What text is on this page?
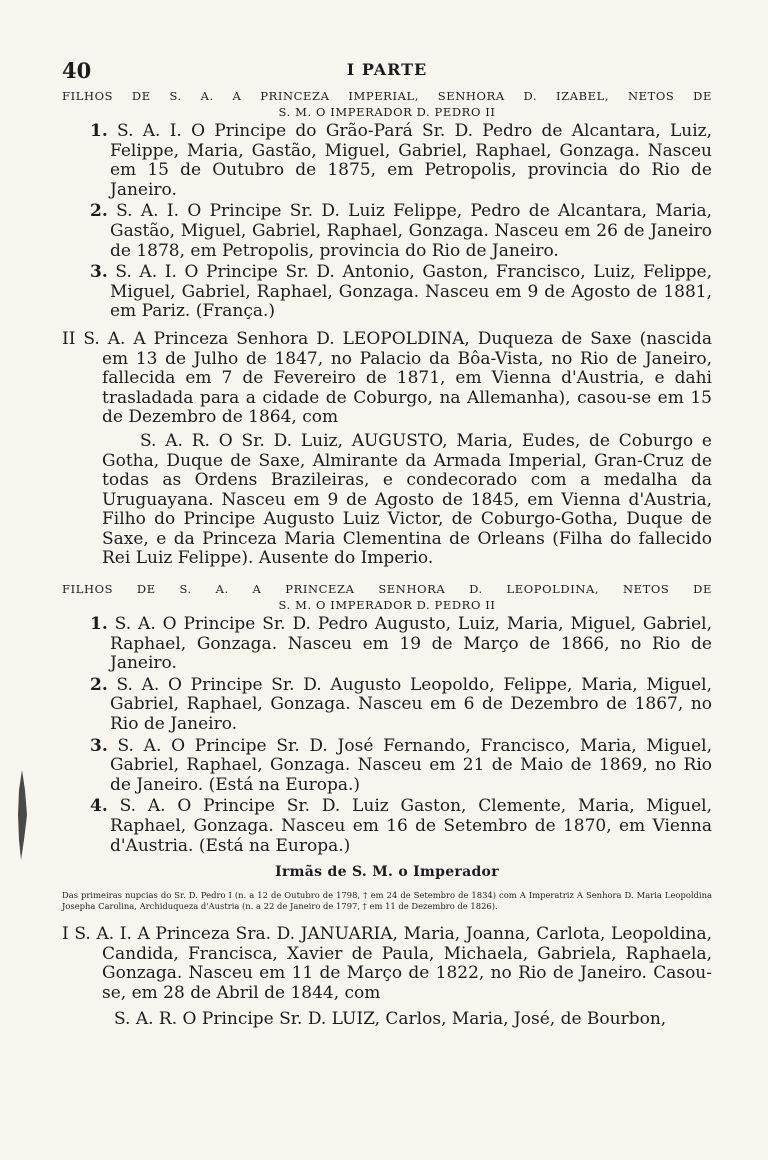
40	I PARTE
FILHOS DE S. A. A PRINCEZA IMPERIAL, SENHORA D. IZABEL, NETOS DE
S. M. O IMPERADOR D. PEDRO II
1. S. A. I. O Principe do Grão-Pará Sr. D. Pedro de Alcantara, Luiz, Felippe, Maria, Gastão, Miguel, Gabriel, Raphael, Gonzaga. Nasceu em 15 de Outubro de 1875, em Petropolis, provincia do Rio de Janeiro.
2. S. A. I. O Principe Sr. D. Luiz Felippe, Pedro de Alcantara, Maria, Gastão, Miguel, Gabriel, Raphael, Gonzaga. Nasceu em 26 de Janeiro de 1878, em Petropolis, provincia do Rio de Janeiro.
3. S. A. I. O Principe Sr. D. Antonio, Gaston, Francisco, Luiz, Felippe, Miguel, Gabriel, Raphael, Gonzaga. Nasceu em 9 de Agosto de 1881, em Pariz. (França.)
II S. A. A Princeza Senhora D. LEOPOLDINA, Duqueza de Saxe (nascida em 13 de Julho de 1847, no Palacio da Bôa-Vista, no Rio de Janeiro, fallecida em 7 de Fevereiro de 1871, em Vienna d'Austria, e dahi trasladada para a cidade de Coburgo, na Allemanha), casou-se em 15 de Dezembro de 1864, com
S. A. R. O Sr. D. Luiz, AUGUSTO, Maria, Eudes, de Coburgo e Gotha, Duque de Saxe, Almirante da Armada Imperial, Gran-Cruz de todas as Ordens Brazileiras, e condecorado com a medalha da Uruguayana. Nasceu em 9 de Agosto de 1845, em Vienna d'Austria, Filho do Principe Augusto Luiz Victor, de Coburgo-Gotha, Duque de Saxe, e da Princeza Maria Clementina de Orleans (Filha do fallecido Rei Luiz Felippe). Ausente do Imperio.
FILHOS DE S. A. A PRINCEZA SENHORA D. LEOPOLDINA, NETOS DE
S. M. O IMPERADOR D. PEDRO II
1. S. A. O Principe Sr. D. Pedro Augusto, Luiz, Maria, Miguel, Gabriel, Raphael, Gonzaga. Nasceu em 19 de Março de 1866, no Rio de Janeiro.
2. S. A. O Principe Sr. D. Augusto Leopoldo, Felippe, Maria, Miguel, Gabriel, Raphael, Gonzaga. Nasceu em 6 de Dezembro de 1867, no Rio de Janeiro.
3. S. A. O Principe Sr. D. José Fernando, Francisco, Maria, Miguel, Gabriel, Raphael, Gonzaga. Nasceu em 21 de Maio de 1869, no Rio de Janeiro. (Está na Europa.)
4. S. A. O Principe Sr. D. Luiz Gaston, Clemente, Maria, Miguel, Raphael, Gonzaga. Nasceu em 16 de Setembro de 1870, em Vienna d'Austria. (Está na Europa.)
Irmãs de S. M. o Imperador
Das primeiras nupcias do Sr. D. Pedro I (n. a 12 de Outubro de 1798, † em 24 de Setembro de 1834) com A Imperatriz A Senhora D. Maria Leopoldina Josepha Carolina, Archiduqueza d'Austria (n. a 22 de Janeiro de 1797, † em 11 de Dezembro de 1826).
I S. A. I. A Princeza Sra. D. JANUARIA, Maria, Joanna, Carlota, Leopoldina, Candida, Francisca, Xavier de Paula, Michaela, Gabriela, Raphaela, Gonzaga. Nasceu em 11 de Março de 1822, no Rio de Janeiro. Casou-se, em 28 de Abril de 1844, com
S. A. R. O Principe Sr. D. LUIZ, Carlos, Maria, José, de Bourbon,
